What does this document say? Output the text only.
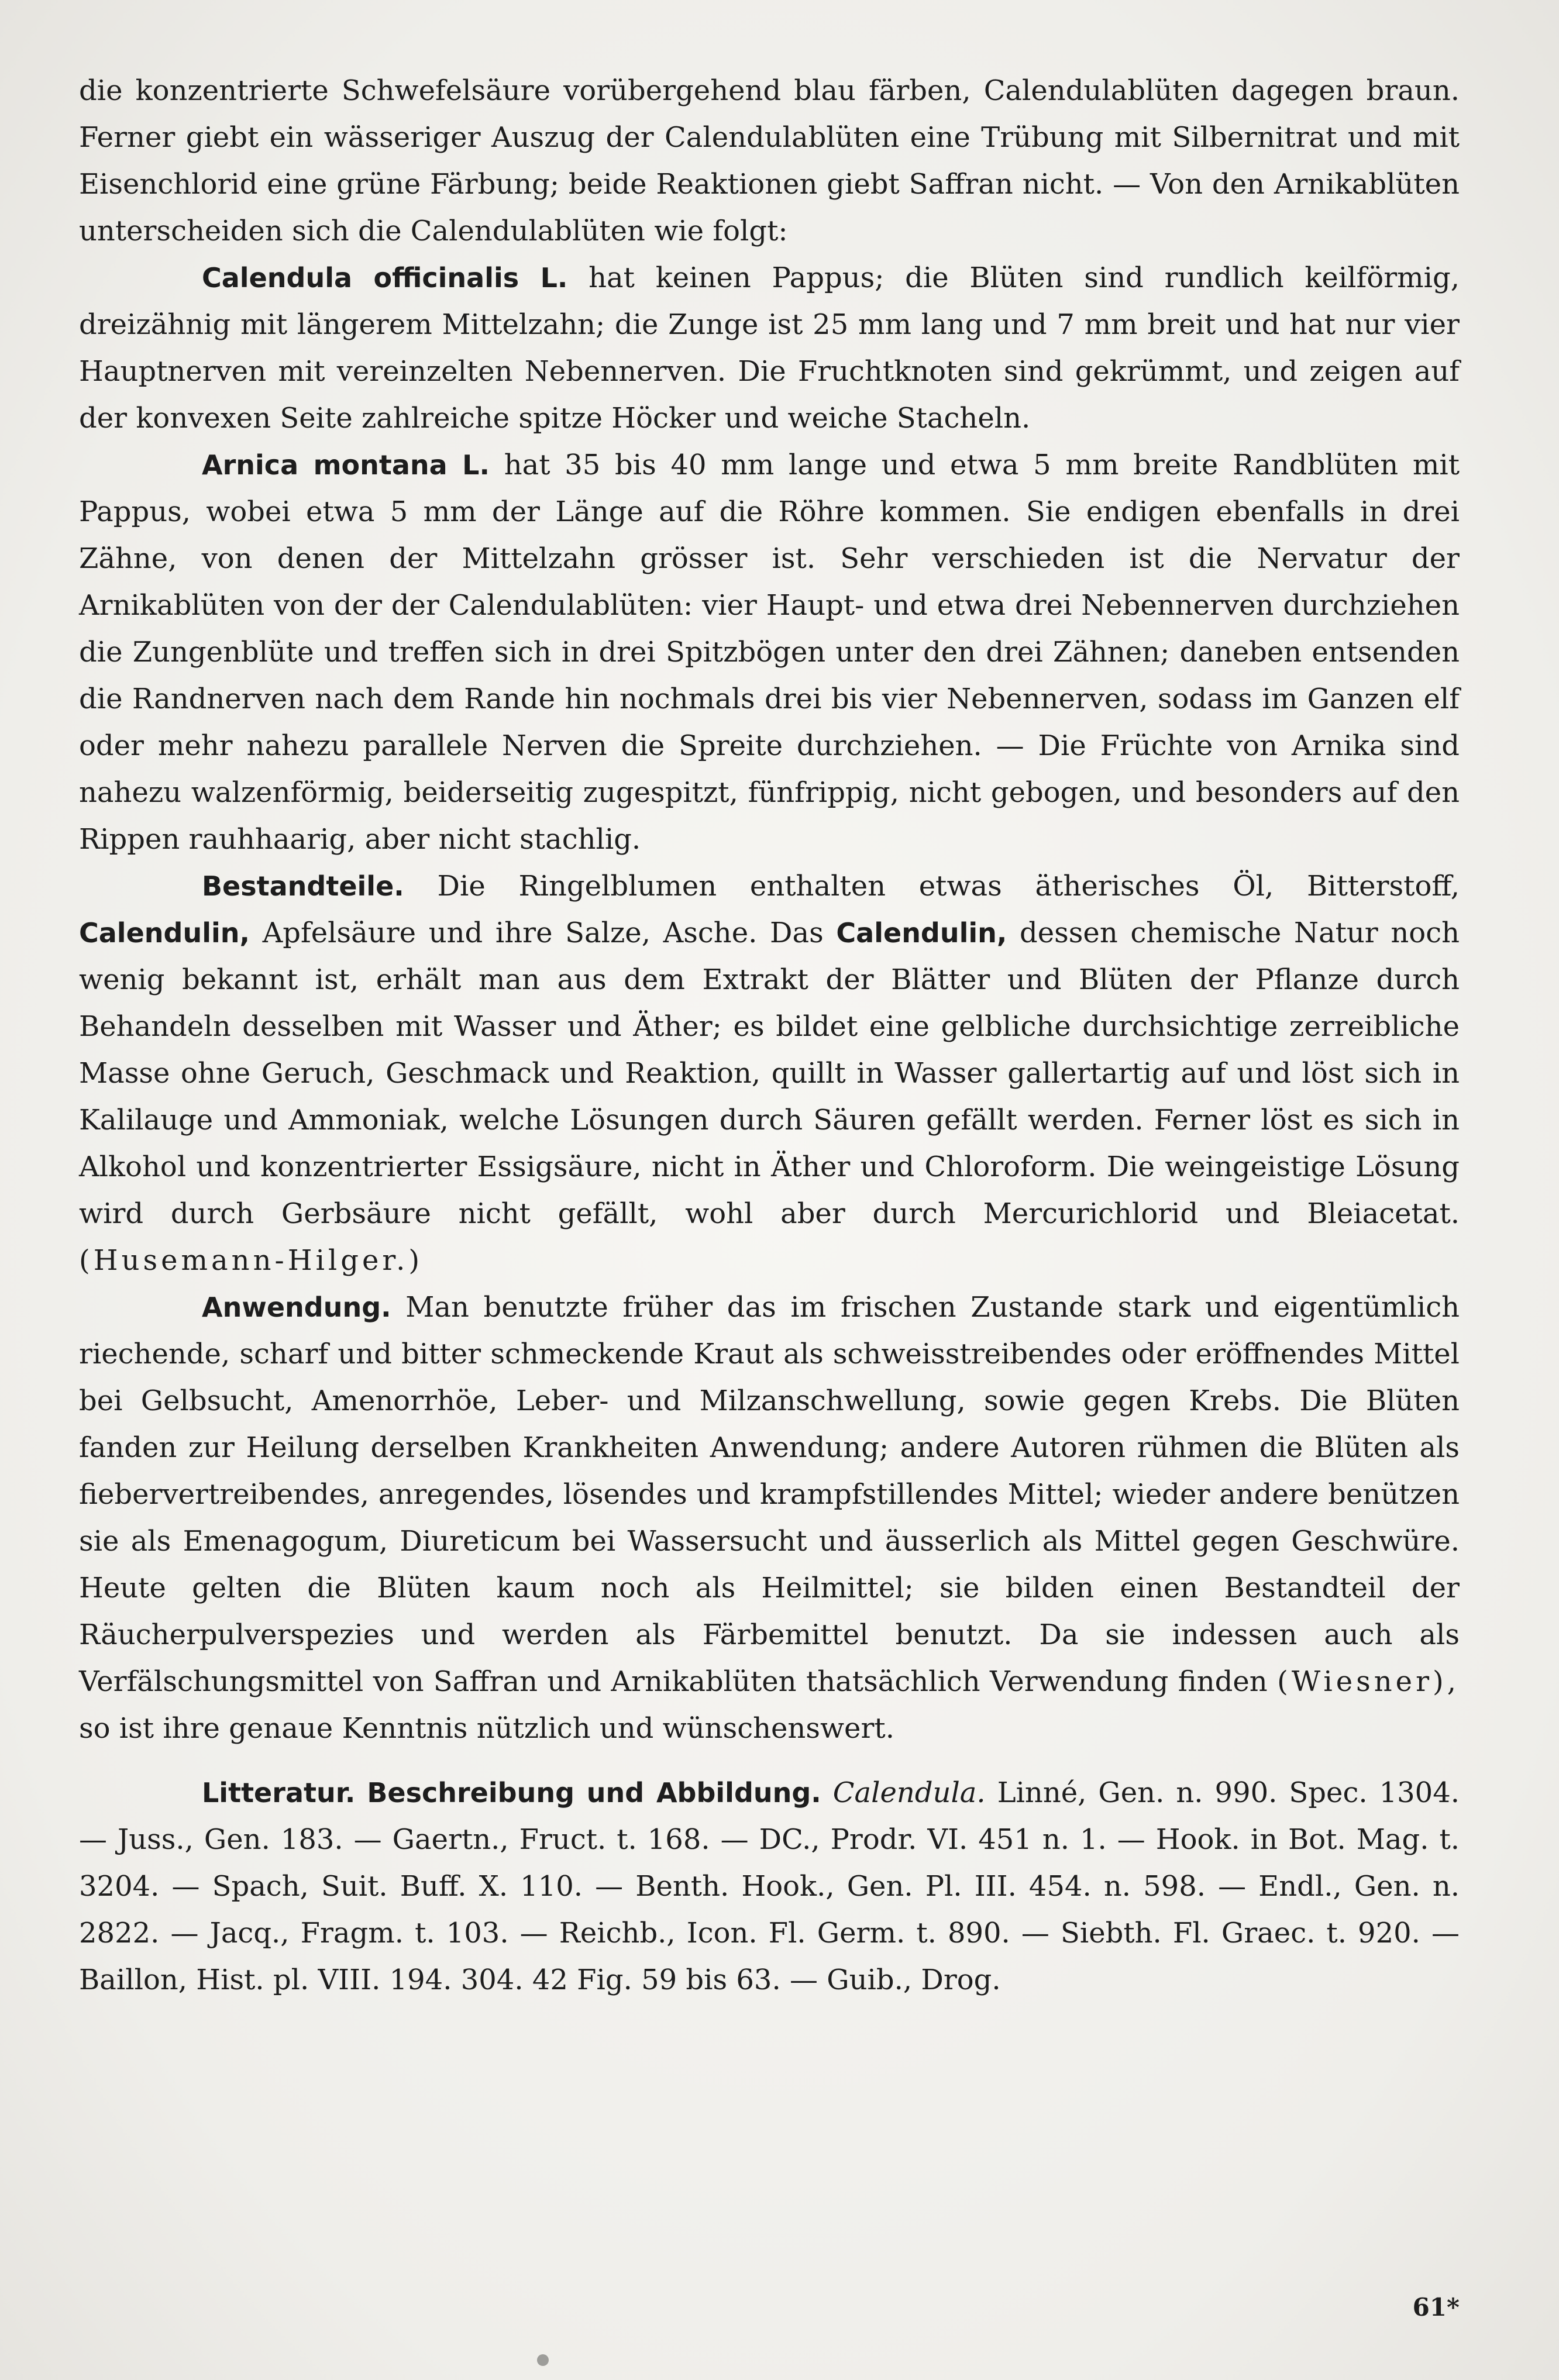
die konzentrierte Schwefelsäure vorübergehend blau färben, Calendulablüten dagegen braun. Ferner giebt ein wässeriger Auszug der Calendulablüten eine Trübung mit Silbernitrat und mit Eisenchlorid eine grüne Färbung; beide Reaktionen giebt Saffran nicht. — Von den Arnikablüten unterscheiden sich die Calendulablüten wie folgt:

Calendula officinalis L. hat keinen Pappus; die Blüten sind rundlich keilförmig, dreizähnig mit längerem Mittelzahn; die Zunge ist 25 mm lang und 7 mm breit und hat nur vier Hauptnerven mit vereinzelten Nebennerven. Die Fruchtknoten sind gekrümmt, und zeigen auf der konvexen Seite zahlreiche spitze Höcker und weiche Stacheln.

Arnica montana L. hat 35 bis 40 mm lange und etwa 5 mm breite Randblüten mit Pappus, wobei etwa 5 mm der Länge auf die Röhre kommen. Sie endigen ebenfalls in drei Zähne, von denen der Mittelzahn grösser ist. Sehr verschieden ist die Nervatur der Arnikablüten von der der Calendulablüten: vier Haupt- und etwa drei Nebennerven durchziehen die Zungenblüte und treffen sich in drei Spitzbögen unter den drei Zähnen; daneben entsenden die Randnerven nach dem Rande hin nochmals drei bis vier Nebennerven, sodass im Ganzen elf oder mehr nahezu parallele Nerven die Spreite durchziehen. — Die Früchte von Arnika sind nahezu walzenförmig, beiderseitig zugespitzt, fünfrippig, nicht gebogen, und besonders auf den Rippen rauhhaarig, aber nicht stachlig.

Bestandteile. Die Ringelblumen enthalten etwas ätherisches Öl, Bitterstoff, Calendulin, Apfelsäure und ihre Salze, Asche. Das Calendulin, dessen chemische Natur noch wenig bekannt ist, erhält man aus dem Extrakt der Blätter und Blüten der Pflanze durch Behandeln desselben mit Wasser und Äther; es bildet eine gelbliche durchsichtige zerreibliche Masse ohne Geruch, Geschmack und Reaktion, quillt in Wasser gallertartig auf und löst sich in Kalilauge und Ammoniak, welche Lösungen durch Säuren gefällt werden. Ferner löst es sich in Alkohol und konzentrierter Essigsäure, nicht in Äther und Chloroform. Die weingeistige Lösung wird durch Gerbsäure nicht gefällt, wohl aber durch Mercurichlorid und Bleiacetat. (Husemann-Hilger.)

Anwendung. Man benutzte früher das im frischen Zustande stark und eigentümlich riechende, scharf und bitter schmeckende Kraut als schweisstreibendes oder eröffnendes Mittel bei Gelbsucht, Amenorrhöe, Leber- und Milzanschwellung, sowie gegen Krebs. Die Blüten fanden zur Heilung derselben Krankheiten Anwendung; andere Autoren rühmen die Blüten als fiebervertreibendes, anregendes, lösendes und krampfstillendes Mittel; wieder andere benützen sie als Emenagogum, Diureticum bei Wassersucht und äusserlich als Mittel gegen Geschwüre. Heute gelten die Blüten kaum noch als Heilmittel; sie bilden einen Bestandteil der Räucherpulverspezies und werden als Färbemittel benutzt. Da sie indessen auch als Verfälschungsmittel von Saffran und Arnikablüten thatsächlich Verwendung finden (Wiesner), so ist ihre genaue Kenntnis nützlich und wünschenswert.

Litteratur. Beschreibung und Abbildung. Calendula. Linné, Gen. n. 990. Spec. 1304. — Juss., Gen. 183. — Gaertn., Fruct. t. 168. — DC., Prodr. VI. 451 n. 1. — Hook. in Bot. Mag. t. 3204. — Spach, Suit. Buff. X. 110. — Benth. Hook., Gen. Pl. III. 454. n. 598. — Endl., Gen. n. 2822. — Jacq., Fragm. t. 103. — Reichb., Icon. Fl. Germ. t. 890. — Siebth. Fl. Graec. t. 920. — Baillon, Hist. pl. VIII. 194. 304. 42 Fig. 59 bis 63. — Guib., Drog.

61*
